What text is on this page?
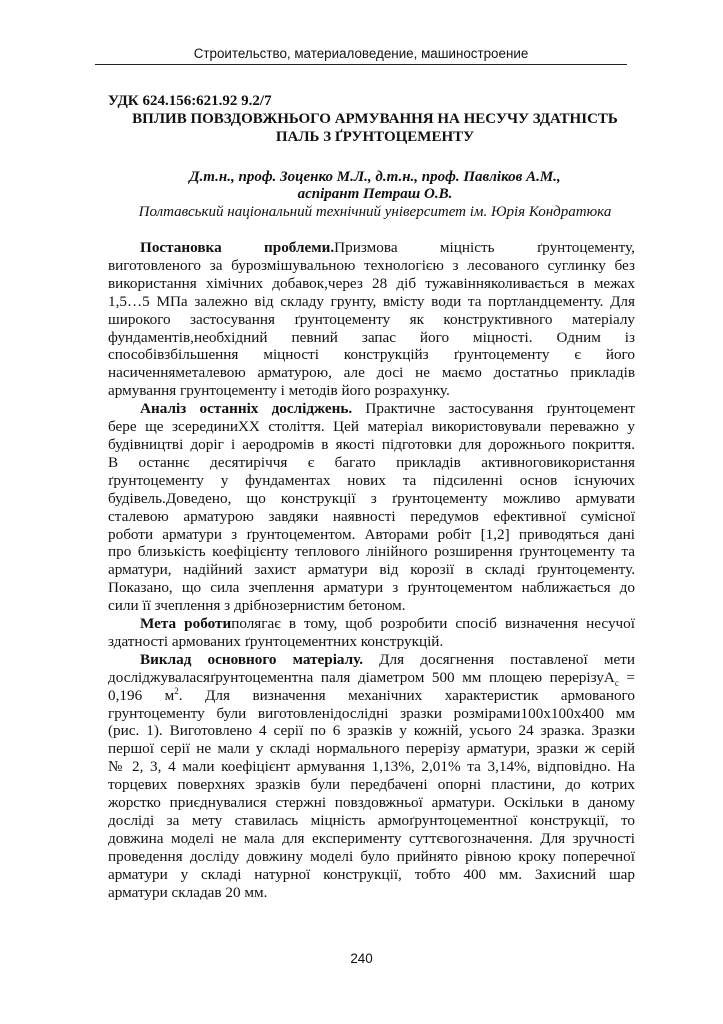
Строительство, материаловедение, машиностроение
УДК 624.156:621.92 9.2/7
ВПЛИВ ПОВЗДОВЖНЬОГО АРМУВАННЯ НА НЕСУЧУ ЗДАТНІСТЬ
ПАЛЬ З ҐРУНТОЦЕМЕНТУ
Д.т.н., проф. Зоценко М.Л., д.т.н., проф. Павліков А.М.,
аспірант Петраш О.В.
Полтавський національний технічний університет ім. Юрія Кондратюка
Постановка проблеми.Призмова міцність ґрунтоцементу,
виготовленого за бурозмішувальною технологією з лесованого суглинку без
використання хімічних добавок,через 28 діб тужавінняколивається в межах
1,5…5 МПа залежно від складу грунту, вмісту води та портландцементу. Для
широкого застосування ґрунтоцементу як конструктивного матеріалу
фундаментів,необхідний певний запас його міцності. Одним із
способівзбільшення міцності конструкційз ґрунтоцементу є його
насиченняметалевою арматурою, але досі не маємо достатньо прикладів
армування грунтоцементу і методів його розрахунку.
Аналіз останніх досліджень. Практичне застосування ґрунтоцемент
бере ще зсерединиXX століття. Цей матеріал використовували переважно у
будівництві доріг і аеродромів в якості підготовки для дорожнього покриття.
В останнє десятиріччя є багато прикладів активноговикористання
ґрунтоцементу у фундаментах нових та підсиленні основ існуючих
будівель.Доведено, що конструкції з ґрунтоцементу можливо армувати
сталевою арматурою завдяки наявності передумов ефективної сумісної
роботи арматури з ґрунтоцементом. Авторами робіт [1,2] приводяться дані
про близькість коефіцієнту теплового лінійного розширення ґрунтоцементу та
арматури, надійний захист арматури від корозії в складі ґрунтоцементу.
Показано, що сила зчеплення арматури з ґрунтоцементом наближається до
сили її зчеплення з дрібнозернистим бетоном.
Мета роботиполягає в тому, щоб розробити спосіб визначення несучої
здатності армованих ґрунтоцементних конструкцій.
Виклад основного матеріалу. Для досягнення поставленої мети
досліджуваласяґрунтоцементна паля діаметром 500 мм площею перерізуA$_c$ =
0,196 $м^2$. Для визначення механічних характеристик армованого
грунтоцементу були виготовленідослідні зразки розмірами100х100х400 мм
(рис. 1). Виготовлено 4 серії по 6 зразків у кожній, усього 24 зразка. Зразки
першої серії не мали у складі нормального перерізу арматури, зразки ж серій
№ 2, 3, 4 мали коефіцієнт армування 1,13%, 2,01% та 3,14%, відповідно. На
торцевих поверхнях зразків були передбачені опорні пластини, до котрих
жорстко приєднувалися стержні повздовжньої арматури. Оскільки в даному
досліді за мету ставилась міцність армоґрунтоцементної конструкції, то
довжина моделі не мала для експерименту суттєвогозначення. Для зручності
проведення досліду довжину моделі було прийнято рівною кроку поперечної
арматури у складі натурної конструкції, тобто 400 мм. Захисний шар
арматури складав 20 мм.
240
